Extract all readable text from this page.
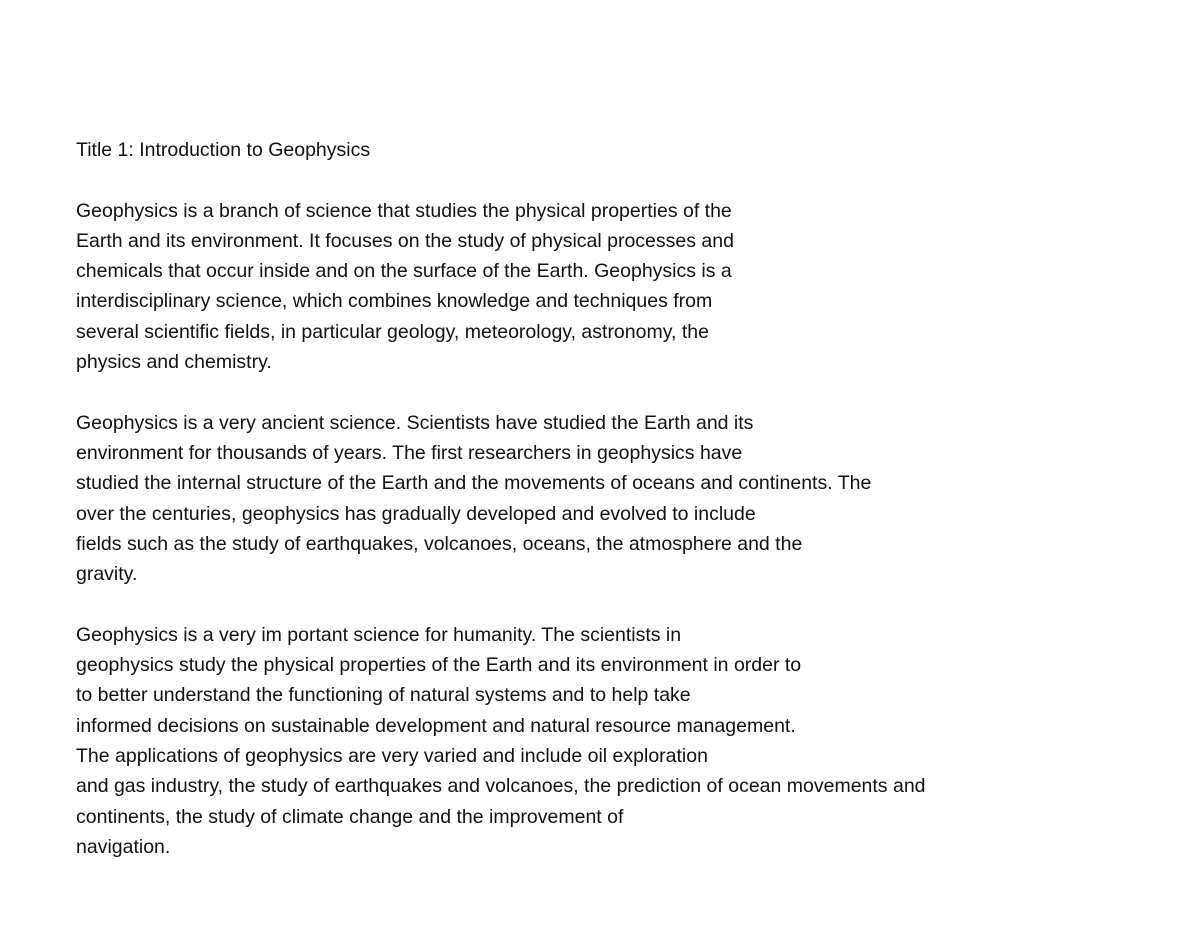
Title 1: Introduction to Geophysics
Geophysics is a branch of science that studies the physical properties of the
Earth and its environment. It focuses on the study of physical processes and
chemicals that occur inside and on the surface of the Earth. Geophysics is a
interdisciplinary science, which combines knowledge and techniques from
several scientific fields, in particular geology, meteorology, astronomy, the
physics and chemistry.
Geophysics is a very ancient science. Scientists have studied the Earth and its
environment for thousands of years. The first researchers in geophysics have
studied the internal structure of the Earth and the movements of oceans and continents. The
over the centuries, geophysics has gradually developed and evolved to include
fields such as the study of earthquakes, volcanoes, oceans, the atmosphere and the
gravity.
Geophysics is a very im portant science for humanity. The scientists in
geophysics study the physical properties of the Earth and its environment in order to
to better understand the functioning of natural systems and to help take
informed decisions on sustainable development and natural resource management.
The applications of geophysics are very varied and include oil exploration
and gas industry, the study of earthquakes and volcanoes, the prediction of ocean movements and
continents, the study of climate change and the improvement of
navigation.
